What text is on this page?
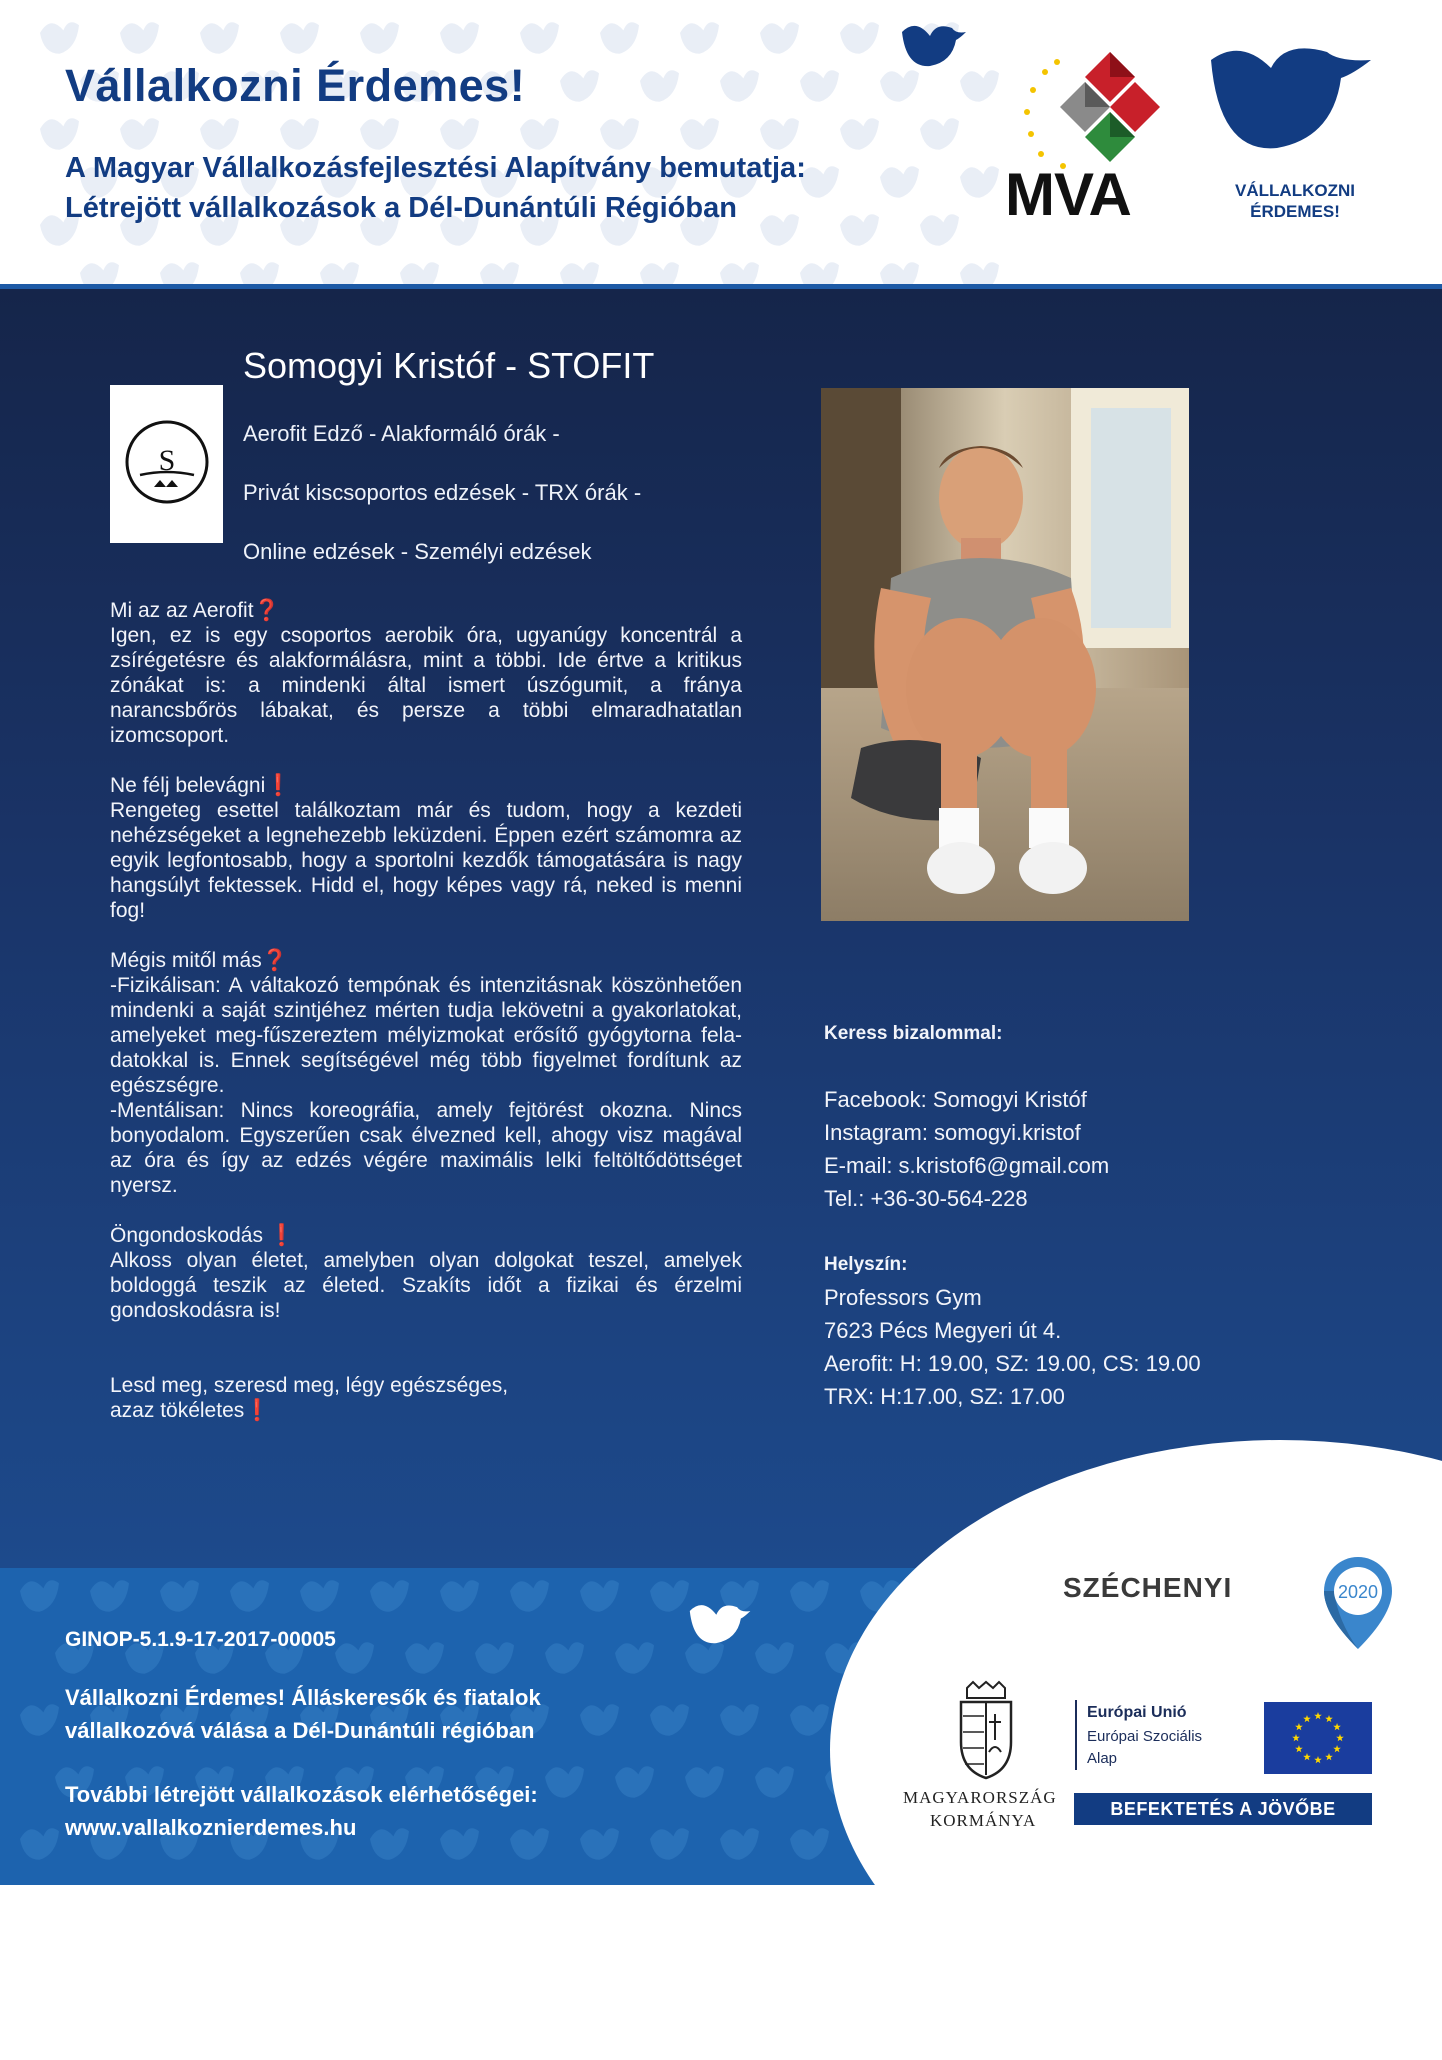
Vállalkozni Érdemes!
A Magyar Vállalkozásfejlesztési Alapítvány bemutatja:
Létrejött vállalkozások a Dél-Dunántúli Régióban	MVA	VÁLLALKOZNI
ÉRDEMES!
S
Somogyi Kristóf - STOFIT
Aerofit Edző - Alakformáló órák -
Privát kiscsoportos edzések - TRX órák -
Online edzések - Személyi edzések

Mi az az Aerofit❓

Igen, ez is egy csoportos aerobik óra, ugyanúgy koncentrál a zsírégetésre és alakformálásra, mint a többi. Ide értve a kritikus zónákat is: a mindenki által ismert úszógumit, a fránya narancsbőrös lábakat, és persze a többi elmaradhatatlan izomcsoport.

Ne félj belevágni❗

Rengeteg esettel találkoztam már és tudom, hogy a kezdeti nehézségeket a legnehezebb leküzdeni. Éppen ezért számomra az egyik legfontosabb, hogy a sportolni kezdők támogatására is nagy hangsúlyt fektessek. Hidd el, hogy képes vagy rá, neked is menni fog!

Mégis mitől más❓

-Fizikálisan: A váltakozó tempónak és intenzitásnak köszönhetően mindenki a saját szintjéhez mérten tudja lekövetni a gyakorlatokat, amelyeket meg-fűszereztem mélyizmokat erősítő gyógytorna fela-datokkal is. Ennek segítségével még több figyelmet fordítunk az egészségre.

-Mentálisan: Nincs koreográfia, amely fejtörést okozna. Nincs bonyodalom. Egyszerűen csak élvezned kell, ahogy visz magával az óra és így az edzés végére maximális lelki feltöltődöttséget nyersz.

Öngondoskodás ❗

Alkoss olyan életet, amelyben olyan dolgokat teszel, amelyek boldoggá teszik az életed. Szakíts időt a fizikai és érzelmi gondoskodásra is!

Lesd meg, szeresd meg, légy egészséges,

azaz tökéletes❗

Keress bizalommal:
Facebook: Somogyi Kristóf
Instagram: somogyi.kristof
E-mail: s.kristof6@gmail.com
Tel.: +36-30-564-228
Helyszín:
Professors Gym
7623 Pécs Megyeri út 4.
Aerofit: H: 19.00, SZ: 19.00, CS: 19.00
TRX: H:17.00, SZ: 17.00
GINOP-5.1.9-17-2017-00005
Vállalkozni Érdemes! Álláskeresők és fiatalok
vállalkozóvá válása a Dél-Dunántúli régióban
További létrejött vállalkozások elérhetőségei:
www.vallalkoznierdemes.hu
SZÉCHENYI	2020
MAGYARORSZÁG
KORMÁNYA
Európai Unió
Európai Szociális
Alap
BEFEKTETÉS A JÖVŐBE
